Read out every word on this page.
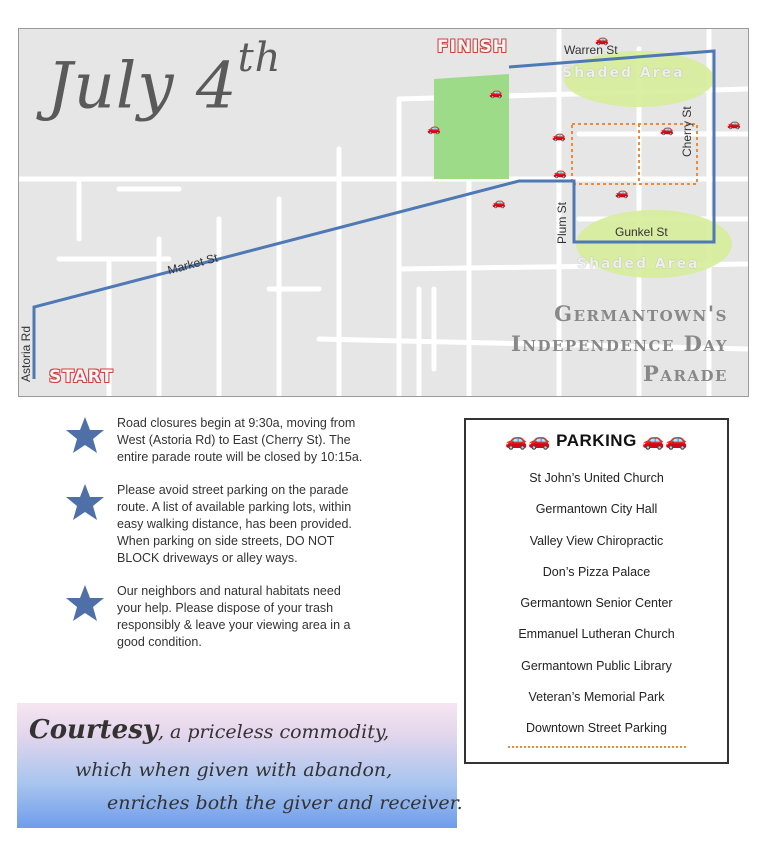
July 4th	FINISH
START
Warren St
Gunkel St
Market St
Cherry St
Plum St
Astoria Rd
Shaded Area
Shaded Area
Germantown's
Independence Day
Parade
🚗
🚗
🚗
🚗	🚗	🚗
🚗
🚗
🚗

Road closures begin at 9:30a, moving from West (Astoria Rd) to East (Cherry St). The entire parade route will be closed by 10:15a.

Please avoid street parking on the parade route. A list of available parking lots, within easy walking distance, has been provided. When parking on side streets, DO NOT BLOCK driveways or alley ways.

Our neighbors and natural habitats need your help. Please dispose of your trash responsibly & leave your viewing area in a good condition.

Courtesy, a priceless commodity,
which when given with abandon,
enriches both the giver and receiver.
🚗🚗 PARKING 🚗🚗
St John’s United Church
Germantown City Hall
Valley View Chiropractic
Don’s Pizza Palace
Germantown Senior Center
Emmanuel Lutheran Church
Germantown Public Library
Veteran’s Memorial Park
Downtown Street Parking
